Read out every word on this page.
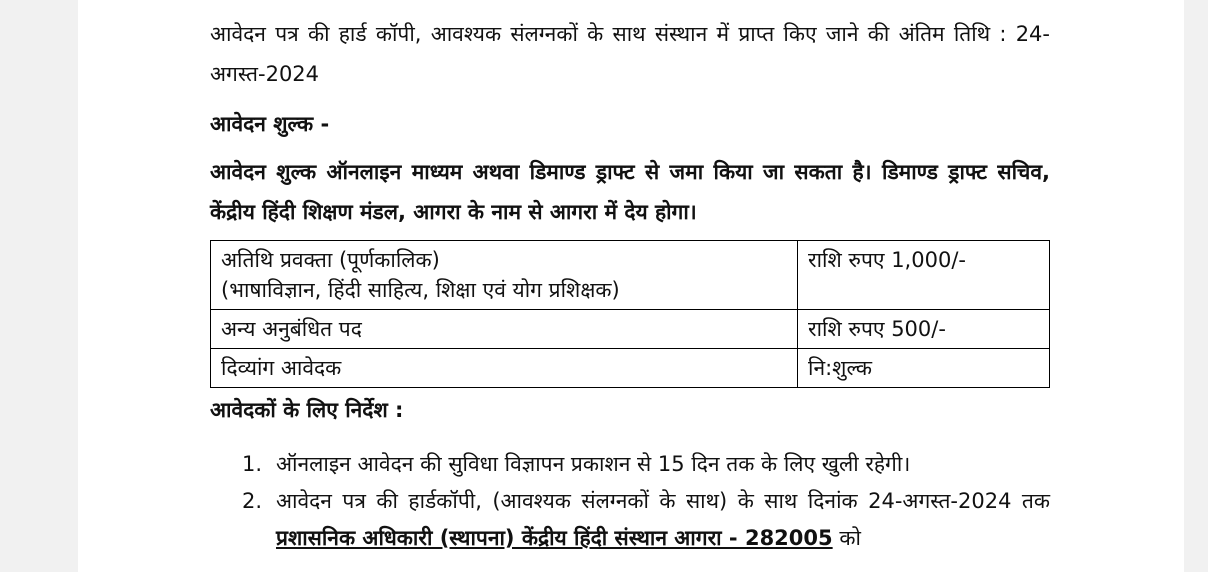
आवेदन पत्र की हार्ड कॉपी, आवश्यक संलग्नकों के साथ संस्थान में प्राप्त किए जाने की अंतिम तिथि : 24-अगस्त-2024

आवेदन शुल्क -

आवेदन शुल्क ऑनलाइन माध्यम अथवा डिमाण्ड ड्राफ्ट से जमा किया जा सकता है। डिमाण्ड ड्राफ्ट सचिव, केंद्रीय हिंदी शिक्षण मंडल, आगरा के नाम से आगरा में देय होगा।

अतिथि प्रवक्ता (पूर्णकालिक)
(भाषाविज्ञान, हिंदी साहित्य, शिक्षा एवं योग प्रशिक्षक)	राशि रुपए 1,000/-
अन्य अनुबंधित पद	राशि रुपए 500/-
दिव्यांग आवेदक	नि:शुल्क

आवेदकों के लिए निर्देश :

1. ऑनलाइन आवेदन की सुविधा विज्ञापन प्रकाशन से 15 दिन तक के लिए खुली रहेगी।
2. आवेदन पत्र की हार्डकॉपी, (आवश्यक संलग्नकों के साथ) के साथ दिनांक 24-अगस्त-2024 तक प्रशासनिक अधिकारी (स्थापना) केंद्रीय हिंदी संस्थान आगरा - 282005 को
